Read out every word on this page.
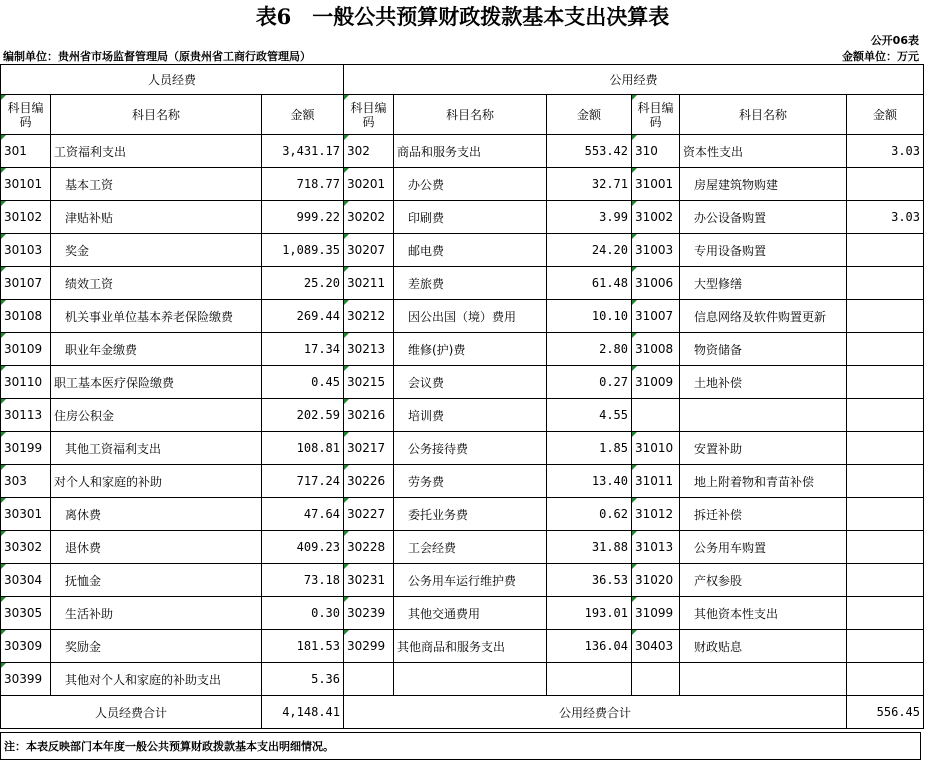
表6　一般公共预算财政拨款基本支出决算表
公开06表
编制单位：贵州省市场监督管理局（原贵州省工商行政管理局）	金额单位：万元
人员经费			公用经费					
科目编码	科目名称	金额	科目编码	科目名称	金额	科目编码	科目名称	金额
301	工资福利支出	3,431.17	302	商品和服务支出	553.42	310	资本性支出	3.03
30101	基本工资	718.77	30201	办公费	32.71	31001	房屋建筑物购建	
30102	津贴补贴	999.22	30202	印刷费	3.99	31002	办公设备购置	3.03
30103	奖金	1,089.35	30207	邮电费	24.20	31003	专用设备购置	
30107	绩效工资	25.20	30211	差旅费	61.48	31006	大型修缮	
30108	机关事业单位基本养老保险缴费	269.44	30212	因公出国（境）费用	10.10	31007	信息网络及软件购置更新	
30109	职业年金缴费	17.34	30213	维修(护)费	2.80	31008	物资储备	
30110	职工基本医疗保险缴费	0.45	30215	会议费	0.27	31009	土地补偿	
30113	住房公积金	202.59	30216	培训费	4.55			
30199	其他工资福利支出	108.81	30217	公务接待费	1.85	31010	安置补助	
303	对个人和家庭的补助	717.24	30226	劳务费	13.40	31011	地上附着物和青苗补偿	
30301	离休费	47.64	30227	委托业务费	0.62	31012	拆迁补偿	
30302	退休费	409.23	30228	工会经费	31.88	31013	公务用车购置	
30304	抚恤金	73.18	30231	公务用车运行维护费	36.53	31020	产权参股	
30305	生活补助	0.30	30239	其他交通费用	193.01	31099	其他资本性支出	
30309	奖励金	181.53	30299	其他商品和服务支出	136.04	30403	财政贴息	
30399	其他对个人和家庭的补助支出	5.36						
人员经费合计		4,148.41	公用经费合计					556.45
注：本表反映部门本年度一般公共预算财政拨款基本支出明细情况。
